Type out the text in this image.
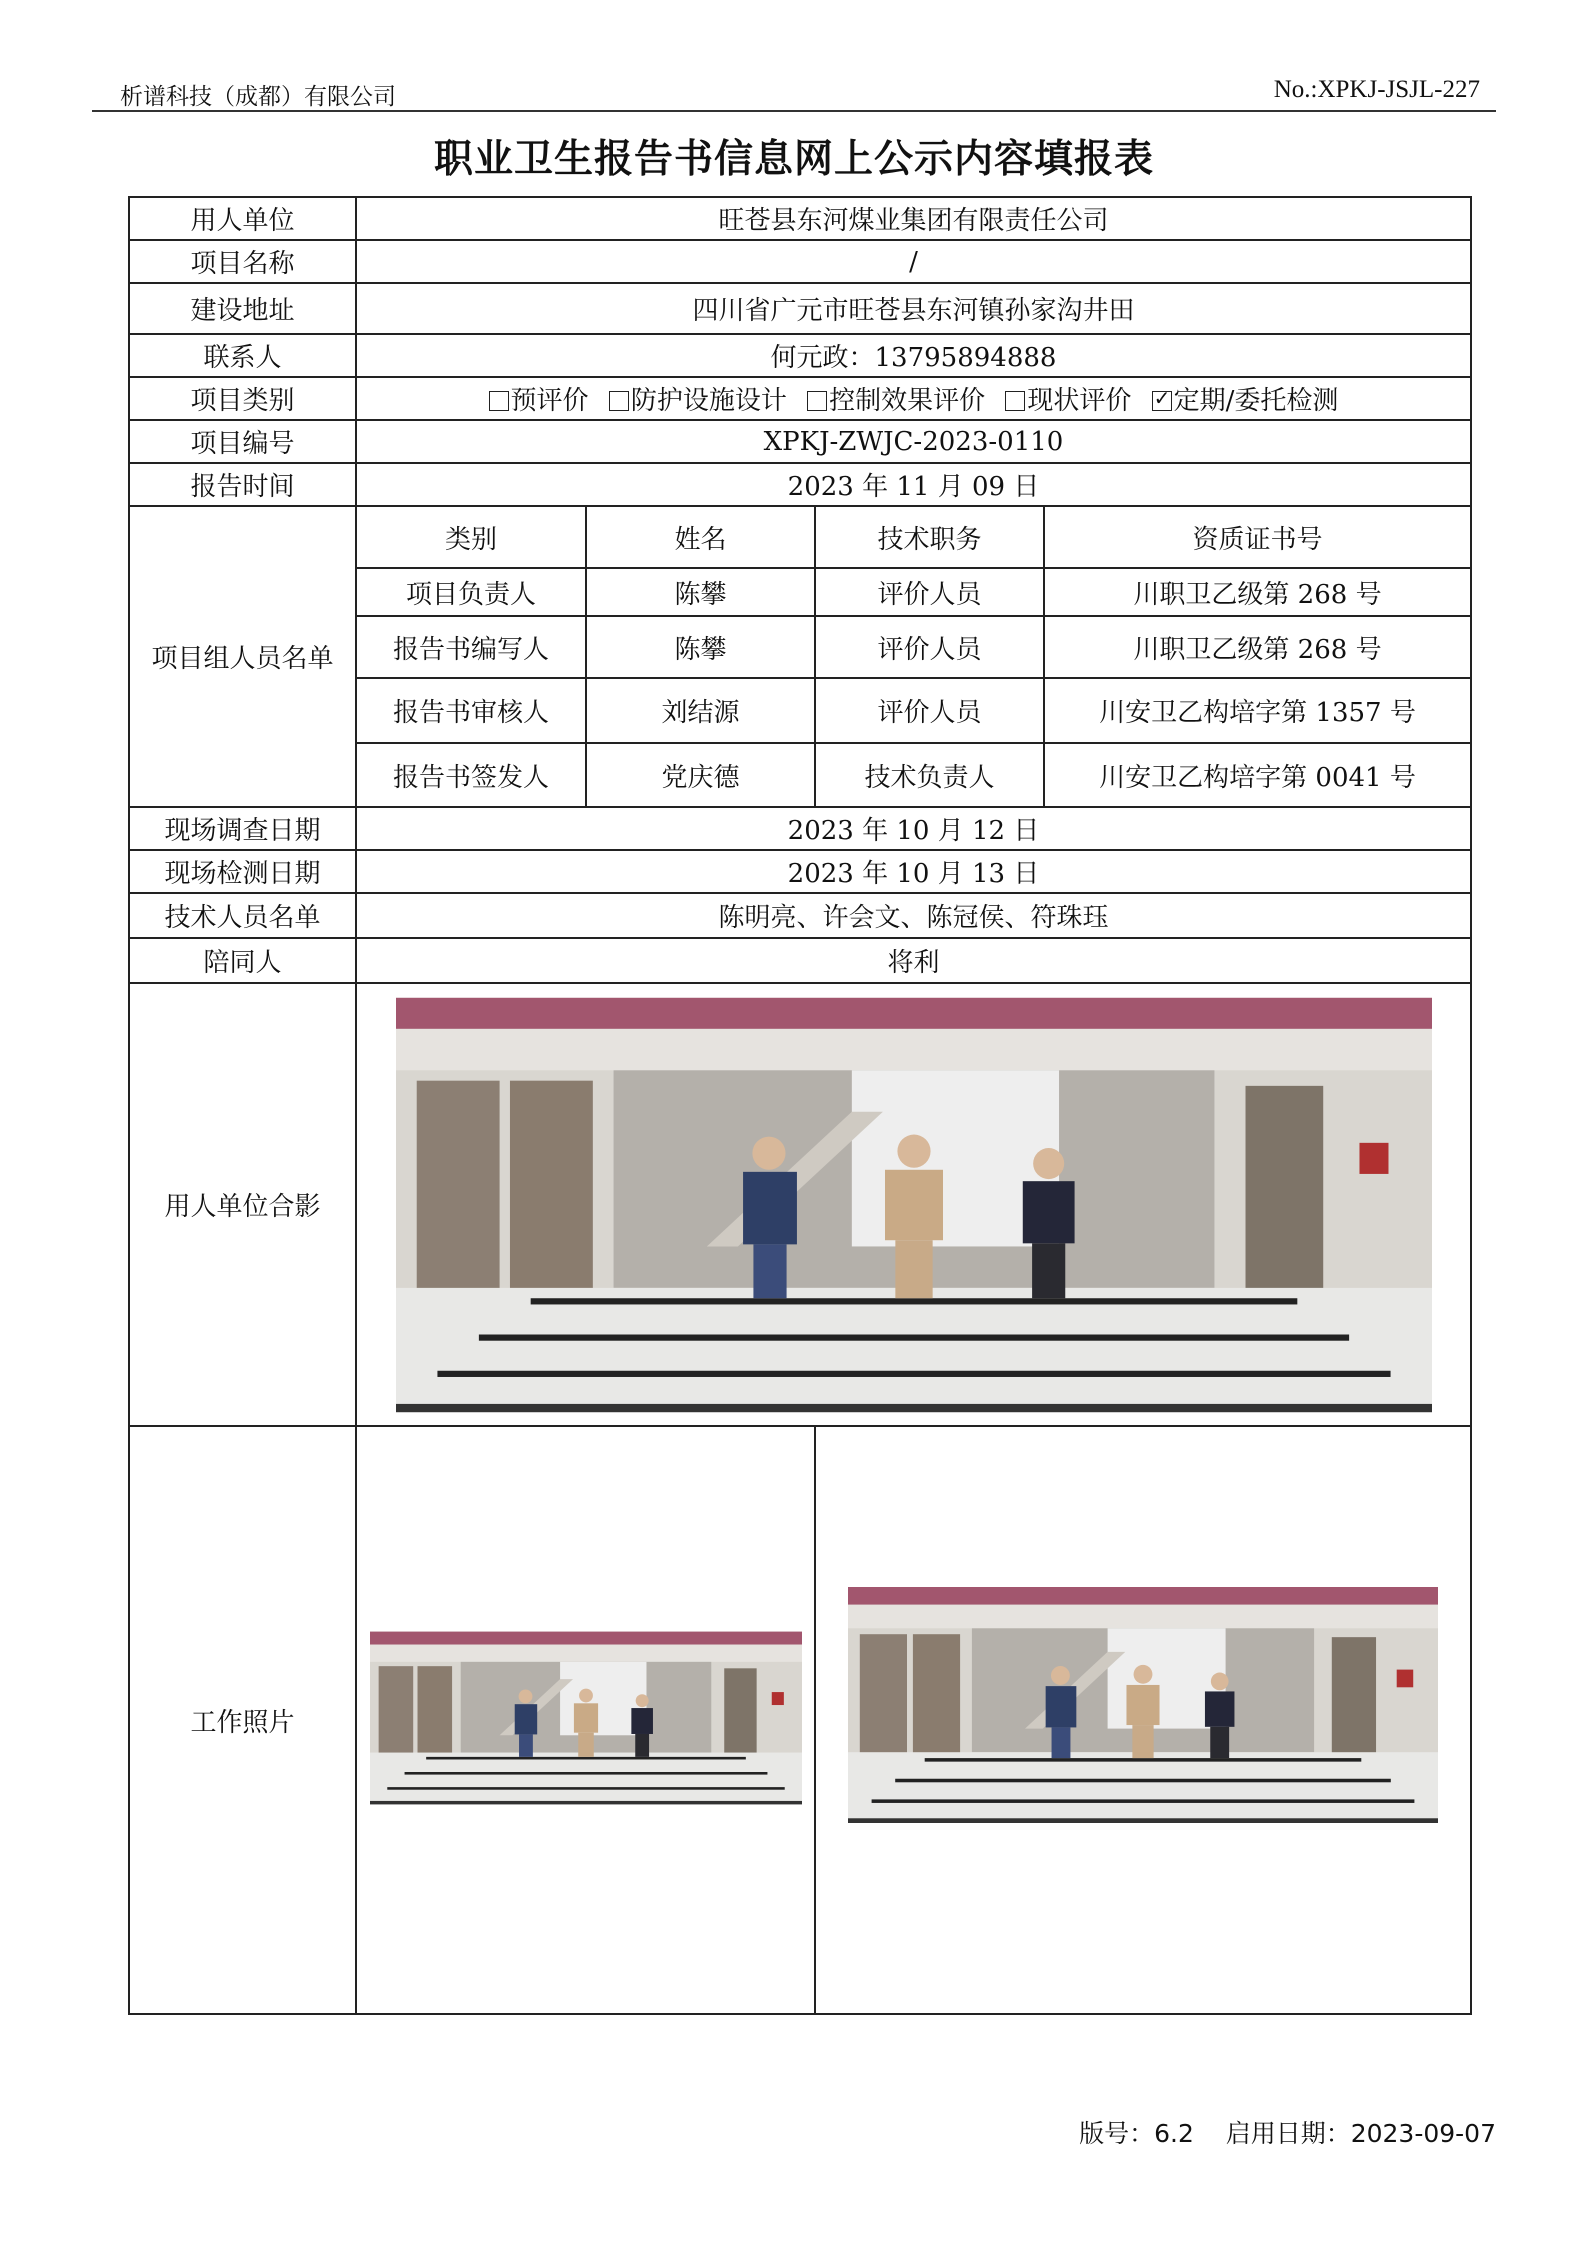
析谱科技（成都）有限公司	No.:XPKJ-JSJL-227
职业卫生报告书信息网上公示内容填报表
用人单位	旺苍县东河煤业集团有限责任公司
项目名称	/
建设地址	四川省广元市旺苍县东河镇孙家沟井田
联系人	何元政：13795894888
项目类别	预评价 防护设施设计 控制效果评价 现状评价 ✓ 定期/委托检测
项目编号	XPKJ-ZWJC-2023-0110
报告时间	2023 年 11 月 09 日
项目组人员名单	
类别	姓名	技术职务	资质证书号
项目负责人	陈攀	评价人员	川职卫乙级第 268 号
报告书编写人	陈攀	评价人员	川职卫乙级第 268 号
报告书审核人	刘结源	评价人员	川安卫乙构培字第 1357 号
报告书签发人	党庆德	技术负责人	川安卫乙构培字第 0041 号

现场调查日期	2023 年 10 月 12 日
现场检测日期	2023 年 10 月 13 日
技术人员名单	陈明亮、许会文、陈冠侯、符珠珏
陪同人	将利
用人单位合影	

工作照片	

版号：6.2 启用日期：2023-09-07
